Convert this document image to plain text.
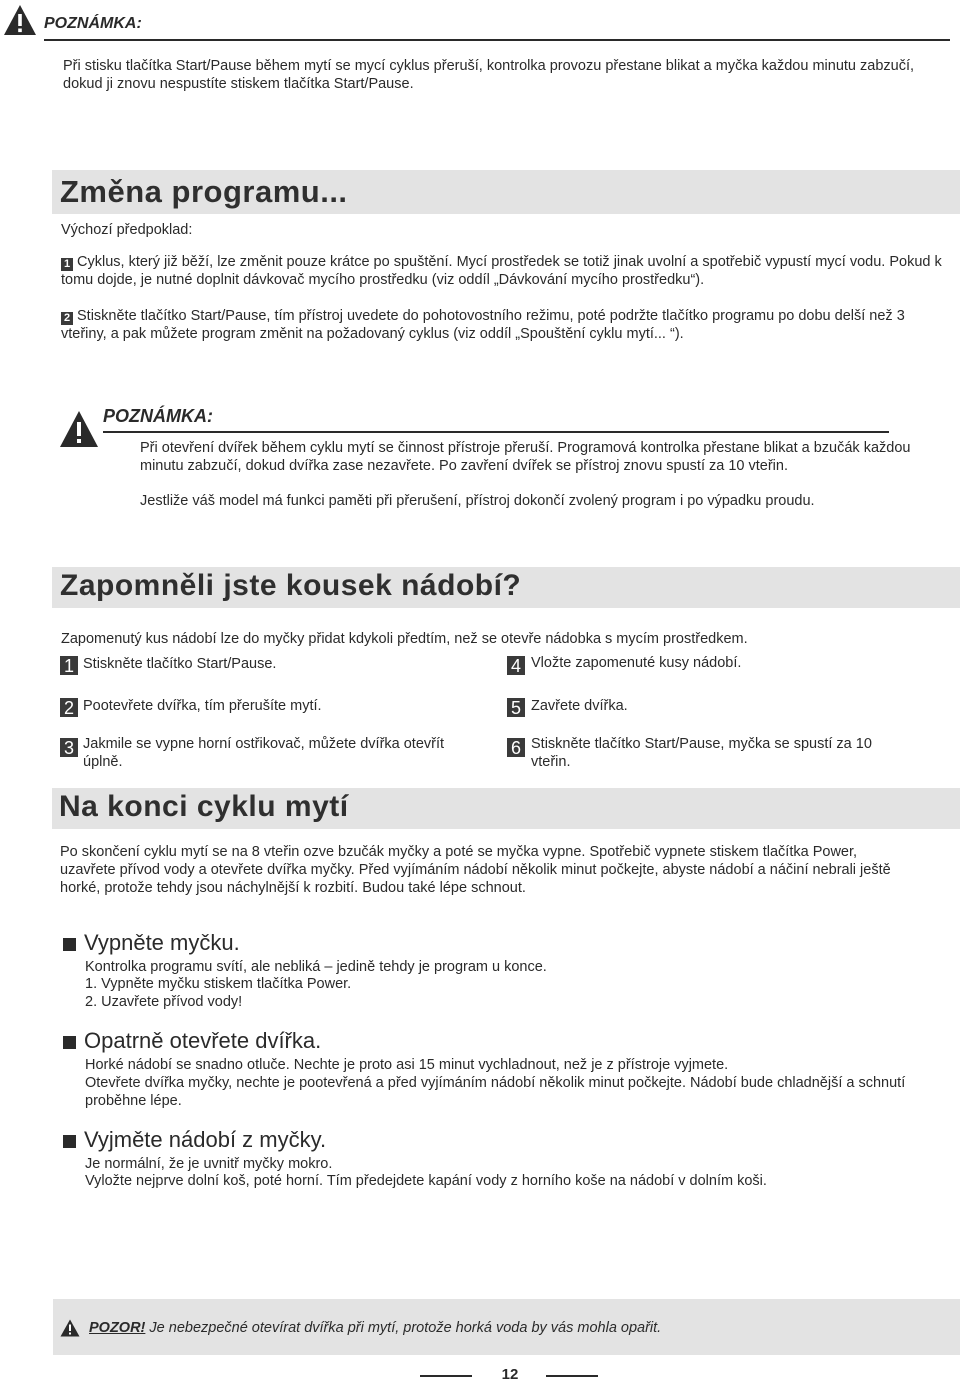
POZNÁMKA:
Při stisku tlačítka Start/Pause během mytí se mycí cyklus přeruší, kontrolka provozu přestane blikat a myčka každou minutu zabzučí, dokud ji znovu nespustíte stiskem tlačítka Start/Pause.
Změna programu...
Výchozí předpoklad:
1 Cyklus, který již běží, lze změnit pouze krátce po spuštění. Mycí prostředek se totiž jinak uvolní a spotřebič vypustí mycí vodu. Pokud k tomu dojde, je nutné doplnit dávkovač mycího prostředku (viz oddíl „Dávkování mycího prostředku“).
2 Stiskněte tlačítko Start/Pause, tím přístroj uvedete do pohotovostního režimu, poté podržte tlačítko programu po dobu delší než 3 vteřiny, a pak můžete program změnit na požadovaný cyklus (viz oddíl „Spouštění cyklu mytí... “).
POZNÁMKA:
Při otevření dvířek během cyklu mytí se činnost přístroje přeruší. Programová kontrolka přestane blikat a bzučák každou minutu zabzučí, dokud dvířka zase nezavřete. Po zavření dvířek se přístroj znovu spustí za 10 vteřin.
Jestliže váš model má funkci paměti při přerušení, přístroj dokončí zvolený program i po výpadku proudu.
Zapomněli jste kousek nádobí?
Zapomenutý kus nádobí lze do myčky přidat kdykoli předtím, než se otevře nádobka s mycím prostředkem.
1 Stiskněte tlačítko Start/Pause.
2 Pootevřete dvířka, tím přerušíte mytí.
3 Jakmile se vypne horní ostřikovač, můžete dvířka otevřít úplně.
4 Vložte zapomenuté kusy nádobí.
5 Zavřete dvířka.
6 Stiskněte tlačítko Start/Pause, myčka se spustí za 10 vteřin.
Na konci cyklu mytí
Po skončení cyklu mytí se na 8 vteřin ozve bzučák myčky a poté se myčka vypne. Spotřebič vypnete stiskem tlačítka Power, uzavřete přívod vody a otevřete dvířka myčky. Před vyjímáním nádobí několik minut počkejte, abyste nádobí a náčiní nebrali ještě horké, protože tehdy jsou náchylnější k rozbití. Budou také lépe schnout.
Vypněte myčku.
Kontrolka programu svítí, ale nebliká – jedině tehdy je program u konce.
1. Vypněte myčku stiskem tlačítka Power.
2. Uzavřete přívod vody!
Opatrně otevřete dvířka.
Horké nádobí se snadno otluče. Nechte je proto asi 15 minut vychladnout, než je z přístroje vyjmete.
Otevřete dvířka myčky, nechte je pootevřená a před vyjímáním nádobí několik minut počkejte. Nádobí bude chladnější a schnutí proběhne lépe.
Vyjměte nádobí z myčky.
Je normální, že je uvnitř myčky mokro.
Vyložte nejprve dolní koš, poté horní. Tím předejdete kapání vody z horního koše na nádobí v dolním koši.
POZOR! Je nebezpečné otevírat dvířka při mytí, protože horká voda by vás mohla opařit.
12
